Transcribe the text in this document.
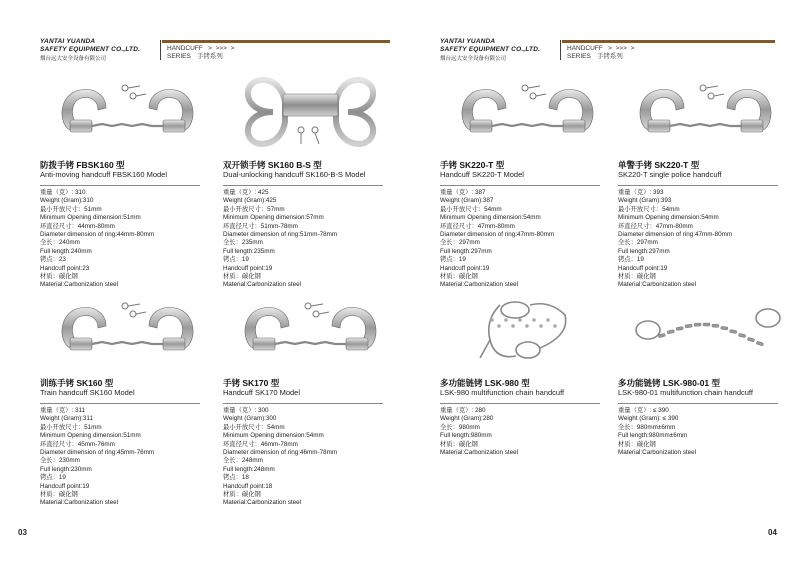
YANTAI YUANDA
SAFETY EQUIPMENT CO.,LTD.
烟台远大安全设备有限公司
HANDCUFF   >  >>>  >
SERIES 手铐系列
YANTAI YUANDA
SAFETY EQUIPMENT CO.,LTD.
烟台远大安全设备有限公司
HANDCUFF   >  >>>  >
SERIES 手铐系列
防拨手铐 FBSK160 型
Anti-moving handcuff FBSK160 Model
重量（克）: 310
Weight (Gram):310
最小开放尺寸：51mm
Minimum Opening dimension:51mm
环直径尺寸：44mm-80mm
Diameter dimension of ring:44mm-80mm
全长：240mm
Full length:240mm
铐点：23
Handcuff point:23
材质：碳化钢
Material:Carbonization steel
双开锁手铐 SK160 B-S 型
Dual-unlocking handcuff SK160-B-S Model
重量（克）: 425
Weight (Gram):425
最小开放尺寸：57mm
Minimum Opening dimension:57mm
环直径尺寸：51mm-78mm
Diameter dimension of ring:51mm-78mm
全长：235mm
Full length:235mm
铐点：19
Handcuff point:19
材质：碳化钢
Material:Carbonization steel
手铐 SK220-T 型
Handcuff SK220-T Model
重量（克）: 387
Weight (Gram):387
最小开放尺寸：54mm
Minimum Opening dimension:54mm
环直径尺寸：47mm-80mm
Diameter dimension of ring:47mm-80mm
全长：297mm
Full length:297mm
铐点：19
Handcuff point:19
材质：碳化钢
Material:Carbonization steel
单警手铐 SK220-T 型
SK220-T single police handcuff
重量（克）: 393
Weight (Gram):393
最小开放尺寸：54mm
Minimum Opening dimension:54mm
环直径尺寸：47mm-80mm
Diameter dimension of ring:47mm-80mm
全长：297mm
Full length:297mm
铐点：19
Handcuff point:19
材质：碳化钢
Material:Carbonization steel
训练手铐 SK160 型
Train handcuff SK160 Model
重量（克）: 311
Weight (Gram):311
最小开放尺寸：51mm
Minimum Opening dimension:51mm
环直径尺寸：45mm-76mm
Diameter dimension of ring:45mm-76mm
全长：230mm
Full length:230mm
铐点：19
Handcuff point:19
材质：碳化钢
Material:Carbonization steel
手铐 SK170 型
Handcuff SK170 Model
重量（克）: 300
Weight (Gram):300
最小开放尺寸：54mm
Minimum Opening dimension:54mm
环直径尺寸：46mm-78mm
Diameter dimension of ring:46mm-78mm
全长：248mm
Full length:248mm
铐点：18
Handcuff point:18
材质：碳化钢
Material:Carbonization steel
多功能链铐 LSK-980 型
LSK-980 multifunction chain handcuff
重量（克）: 280
Weight (Gram):280
全长：980mm
Full length:980mm
材质：碳化钢
Material:Carbonization steel
多功能链铐 LSK-980-01 型
LSK-980-01 multifunction chain handcuff
重量（克）: ≤ 390
Weight (Gram): ≤ 390
全长：980mm±6mm
Full length:980mm±6mm
材质：碳化钢
Material:Carbonization steel
03	04
